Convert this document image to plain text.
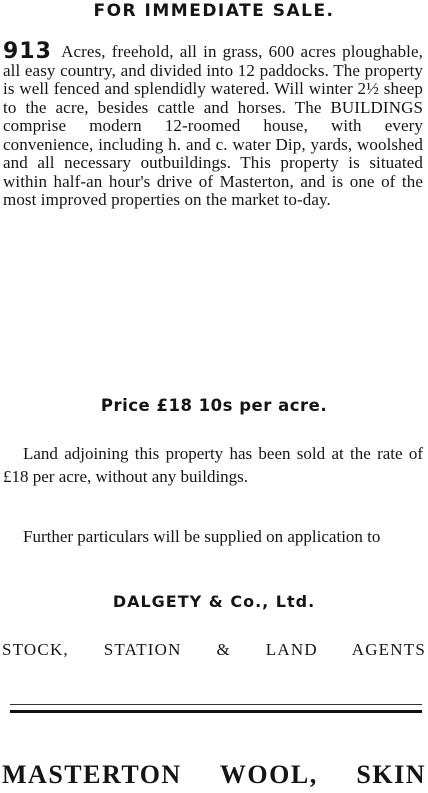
FOR IMMEDIATE SALE.
913 Acres, freehold, all in grass, 600 acres ploughable, all easy country, and divided into 12 paddocks. The property is well fenced and splendidly watered. Will winter 2½ sheep to the acre, besides cattle and horses. The BUILDINGS comprise modern 12-roomed house, with every convenience, including h. and c. water Dip, yards, woolshed and all necessary outbuildings. This property is situated within half-an hour's drive of Masterton, and is one of the most improved properties on the market to-day.
Price £18 10s per acre.
Land adjoining this property has been sold at the rate of £18 per acre, without any buildings.
Further particulars will be supplied on application to
DALGETY & Co., Ltd.
STOCK, STATION & LAND AGENTS
MASTERTON WOOL, SKIN
